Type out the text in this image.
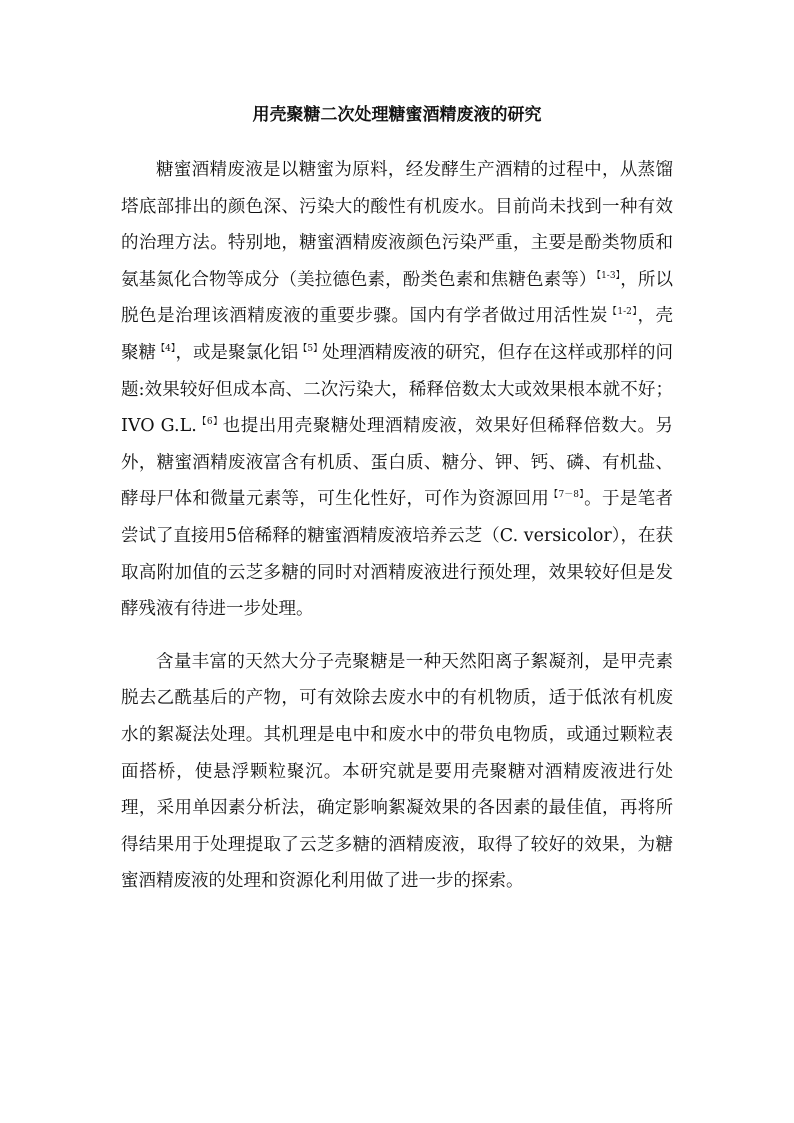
用壳聚糖二次处理糖蜜酒精废液的研究

糖蜜酒精废液是以糖蜜为原料，经发酵生产酒精的过程中，从蒸馏塔底部排出的颜色深、污染大的酸性有机废水。目前尚未找到一种有效的治理方法。特别地，糖蜜酒精废液颜色污染严重，主要是酚类物质和氨基氮化合物等成分（美拉德色素，酚类色素和焦糖色素等）$^{【1-3】}$，所以脱色是治理该酒精废液的重要步骤。国内有学者做过用活性炭$^{【1-2】}$，壳聚糖$^{【4】}$，或是聚氯化铝$^{【5】}$处理酒精废液的研究，但存在这样或那样的问题:效果较好但成本高、二次污染大，稀释倍数太大或效果根本就不好；IVO G.L.$^{【6】}$也提出用壳聚糖处理酒精废液，效果好但稀释倍数大。另外，糖蜜酒精废液富含有机质、蛋白质、糖分、钾、钙、磷、有机盐、酵母尸体和微量元素等，可生化性好，可作为资源回用$^{【7-8】}$。于是笔者尝试了直接用5倍稀释的糖蜜酒精废液培养云芝（C. versicolor），在获取高附加值的云芝多糖的同时对酒精废液进行预处理，效果较好但是发酵残液有待进一步处理。

含量丰富的天然大分子壳聚糖是一种天然阳离子絮凝剂，是甲壳素脱去乙酰基后的产物，可有效除去废水中的有机物质，适于低浓有机废水的絮凝法处理。其机理是电中和废水中的带负电物质，或通过颗粒表面搭桥，使悬浮颗粒聚沉。本研究就是要用壳聚糖对酒精废液进行处理，采用单因素分析法，确定影响絮凝效果的各因素的最佳值，再将所得结果用于处理提取了云芝多糖的酒精废液，取得了较好的效果，为糖蜜酒精废液的处理和资源化利用做了进一步的探索。
